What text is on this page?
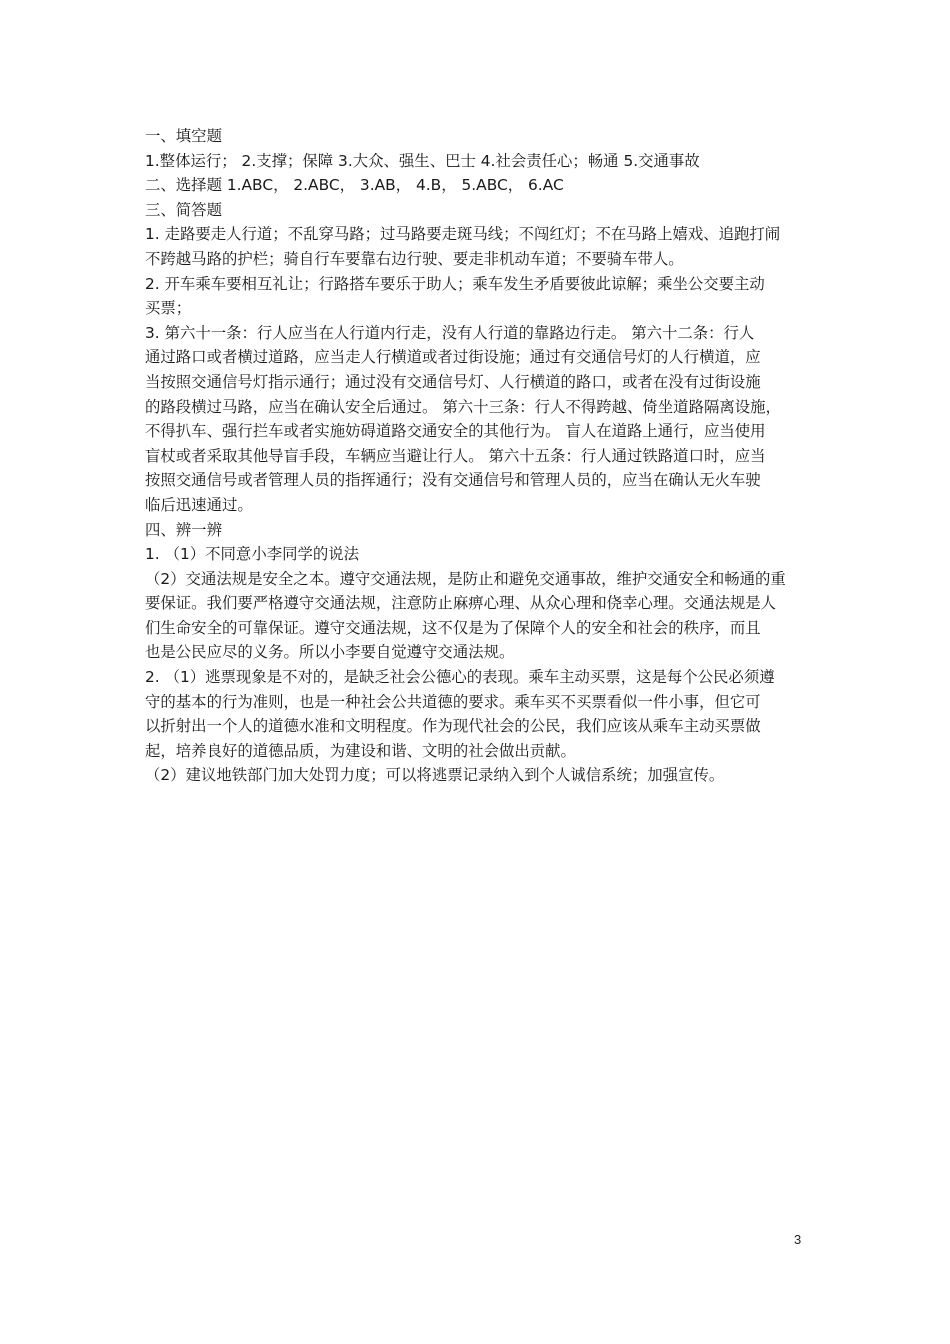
一、填空题
1.整体运行； 2.支撑；保障 3.大众、强生、巴士 4.社会责任心；畅通 5.交通事故
二、选择题 1.ABC， 2.ABC， 3.AB， 4.B， 5.ABC， 6.AC
三、简答题
1. 走路要走人行道；不乱穿马路；过马路要走斑马线；不闯红灯；不在马路上嬉戏、追跑打闹
不跨越马路的护栏；骑自行车要靠右边行驶、要走非机动车道；不要骑车带人。
2. 开车乘车要相互礼让；行路搭车要乐于助人；乘车发生矛盾要彼此谅解；乘坐公交要主动
买票；
3. 第六十一条：行人应当在人行道内行走，没有人行道的靠路边行走。 第六十二条：行人
通过路口或者横过道路，应当走人行横道或者过街设施；通过有交通信号灯的人行横道，应
当按照交通信号灯指示通行；通过没有交通信号灯、人行横道的路口，或者在没有过街设施
的路段横过马路，应当在确认安全后通过。 第六十三条：行人不得跨越、倚坐道路隔离设施，
不得扒车、强行拦车或者实施妨碍道路交通安全的其他行为。 盲人在道路上通行，应当使用
盲杖或者采取其他导盲手段，车辆应当避让行人。 第六十五条：行人通过铁路道口时，应当
按照交通信号或者管理人员的指挥通行；没有交通信号和管理人员的，应当在确认无火车驶
临后迅速通过。
四、辨一辨
1. （1）不同意小李同学的说法
（2）交通法规是安全之本。遵守交通法规，是防止和避免交通事故，维护交通安全和畅通的重
要保证。我们要严格遵守交通法规，注意防止麻痹心理、从众心理和侥幸心理。交通法规是人
们生命安全的可靠保证。遵守交通法规，这不仅是为了保障个人的安全和社会的秩序，而且
也是公民应尽的义务。所以小李要自觉遵守交通法规。
2. （1）逃票现象是不对的，是缺乏社会公德心的表现。乘车主动买票，这是每个公民必须遵
守的基本的行为准则，也是一种社会公共道德的要求。乘车买不买票看似一件小事，但它可
以折射出一个人的道德水准和文明程度。作为现代社会的公民，我们应该从乘车主动买票做
起，培养良好的道德品质，为建设和谐、文明的社会做出贡献。
（2）建议地铁部门加大处罚力度；可以将逃票记录纳入到个人诚信系统；加强宣传。
3
